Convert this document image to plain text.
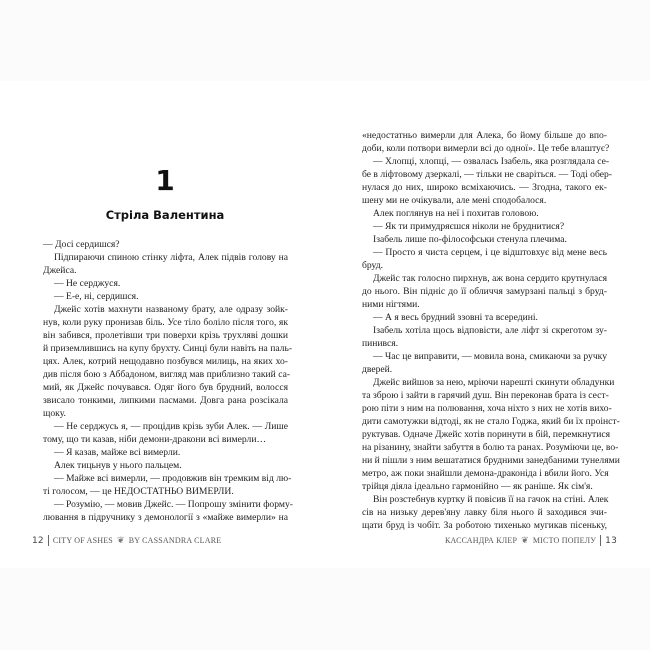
1
Стріла Валентина
— Досі сердишся?
Підпираючи спиною стінку ліфта, Алек підвів голову на
Джейса.
— Не серджуся.
— Е-е, ні, сердишся.
Джейс хотів махнути названому брату, але одразу зойк-
нув, коли руку пронизав біль. Усе тіло боліло після того, як
він забився, пролетівши три поверхи крізь трухляві дошки
й приземлившись на купу брухту. Синці були навіть на паль-
цях. Алек, котрий нещодавно позбувся милиць, на яких хо-
див після бою з Аббадоном, вигляд мав приблизно такий са-
мий, як Джейс почувався. Одяг його був брудний, волосся
звисало тонкими, липкими пасмами. Довга рана розсікала
щоку.
— Не серджусь я, — процідив крізь зуби Алек. — Лише
тому, що ти казав, ніби демони-дракони всі вимерли…
— Я казав, майже всі вимерли.
Алек тицьнув у нього пальцем.
— Майже всі вимерли, — продовжив він тремким від лю-
ті голосом, — це НЕДОСТАТНЬО ВИМЕРЛИ.
— Розумію, — мовив Джейс. — Попрошу змінити форму-
лювання в підручнику з демонології з «майже вимерли» на
«недостатньо вимерли для Алека, бо йому більше до впо-
доби, коли потвори вимерли всі до одної». Це тебе влаштує?
— Хлопці, хлопці, — озвалась Ізабель, яка розглядала се-
бе в ліфтовому дзеркалі, — тільки не сваріться. — Тоді обер-
нулася до них, широко всміхаючись. — Згодна, такого ек-
шену ми не очікували, але мені сподобалося.
Алек поглянув на неї і похитав головою.
— Як ти примудряєшся ніколи не бруднитися?
Ізабель лише по-філософськи стенула плечима.
— Просто я чиста серцем, і це відштовхує від мене весь
бруд.
Джейс так голосно пирхнув, аж вона сердито крутнулася
до нього. Він підніс до її обличчя замурзані пальці з бруд-
ними нігтями.
— А я весь брудний ззовні та всередині.
Ізабель хотіла щось відповісти, але ліфт зі скреготом зу-
пинився.
— Час це виправити, — мовила вона, смикаючи за ручку
дверей.
Джейс вийшов за нею, мріючи нарешті скинути обладунки
та зброю і зайти в гарячий душ. Він переконав брата із сест-
рою піти з ним на полювання, хоча ніхто з них не хотів вихо-
дити самотужки відтоді, як не стало Годжа, який би їх проінст-
руктував. Одначе Джейс хотів поринути в бій, перемкнутися
на різанину, знайти забуття в болю та ранах. Розуміючи це, во-
ни й пішли з ним вешататися брудними занедбаними тунелями
метро, аж поки знайшли демона-драконіда і вбили його. Уся
трійця діяла ідеально гармонійно — як раніше. Як сім'я.
Він розстебнув куртку й повісив її на гачок на стіні. Алек
сів на низьку дерев'яну лавку біля нього й заходився зчи-
щати бруд із чобіт. За роботою тихенько мугикав пісеньку,
12 CITY OF ASHES ❦ BY CASSANDRA CLARE	КАССАНДРА КЛЕР ❦ МІСТО ПОПЕЛУ 13
